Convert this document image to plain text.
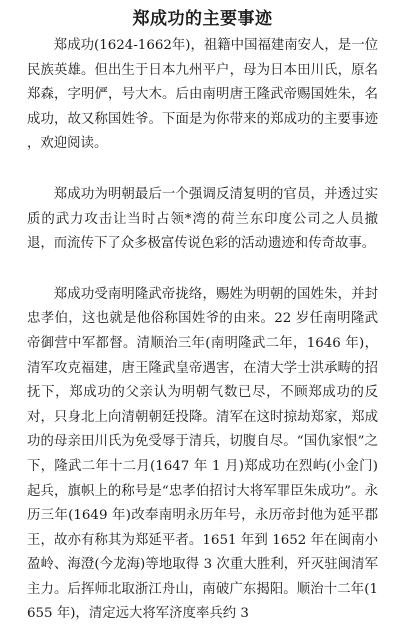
郑成功的主要事迹

郑成功(1624-1662年)，祖籍中国福建南安人，是一位民族英雄。但出生于日本九州平户，母为日本田川氏，原名郑森，字明俨，号大木。后由南明唐王隆武帝赐国姓朱，名成功，故又称国姓爷。下面是为你带来的郑成功的主要事迹 ，欢迎阅读。

郑成功为明朝最后一个强调反清复明的官员，并透过实质的武力攻击让当时占领*湾的荷兰东印度公司之人员撤退，而流传下了众多极富传说色彩的活动遗迹和传奇故事。

郑成功受南明隆武帝拢络，赐姓为明朝的国姓朱，并封忠孝伯，这也就是他俗称国姓爷的由来。22 岁任南明隆武帝御营中军都督。清顺治三年(南明隆武二年，1646 年)，清军攻克福建，唐王隆武皇帝遇害，在清大学士洪承畴的招抚下，郑成功的父亲认为明朝气数已尽，不顾郑成功的反对，只身北上向清朝朝廷投降。清军在这时掠劫郑家，郑成功的母亲田川氏为免受辱于清兵，切腹自尽。“国仇家恨”之下，隆武二年十二月(1647 年 1 月)郑成功在烈屿(小金门)起兵，旗帜上的称号是“忠孝伯招讨大将军罪臣朱成功”。永历三年(1649 年)改奉南明永历年号，永历帝封他为延平郡王，故亦有称其为郑延平者。1651 年到 1652 年在闽南小盈岭、海澄(今龙海)等地取得 3 次重大胜利，歼灭驻闽清军主力。后挥师北取浙江舟山，南破广东揭阳。顺治十二年(1655 年)，清定远大将军济度率兵约 3
